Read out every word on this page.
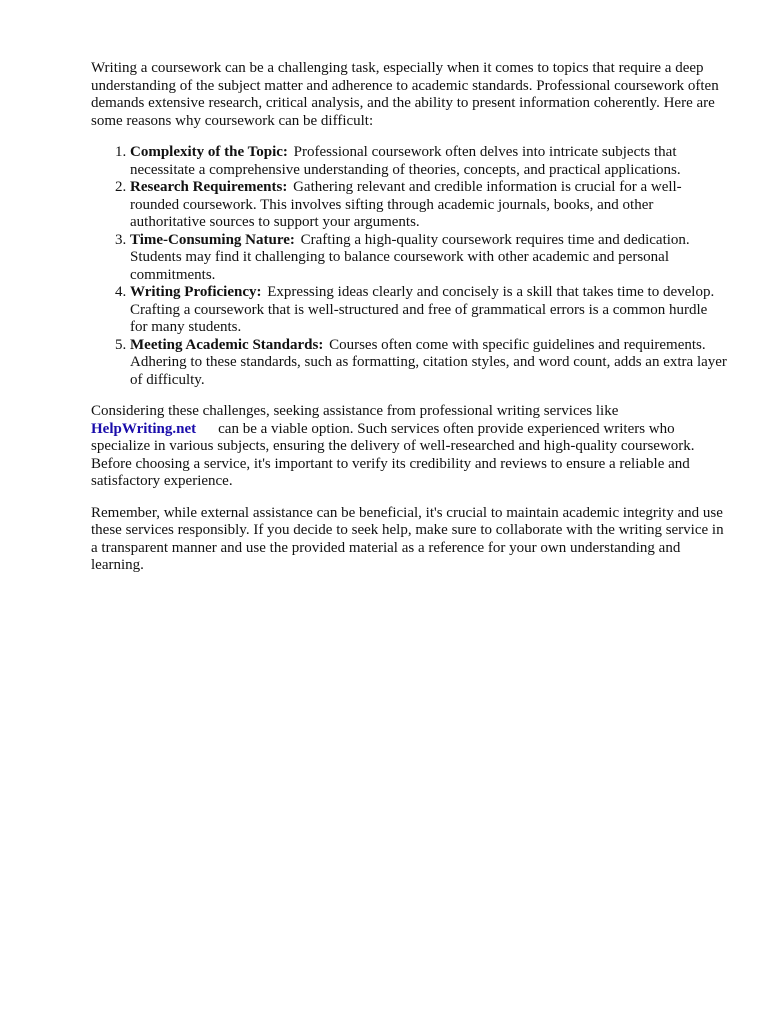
Writing a coursework can be a challenging task, especially when it comes to topics that require a deep understanding of the subject matter and adherence to academic standards. Professional coursework often demands extensive research, critical analysis, and the ability to present information coherently. Here are some reasons why coursework can be difficult:

1. Complexity of the Topic: Professional coursework often delves into intricate subjects that necessitate a comprehensive understanding of theories, concepts, and practical applications.
2. Research Requirements: Gathering relevant and credible information is crucial for a well-rounded coursework. This involves sifting through academic journals, books, and other authoritative sources to support your arguments.
3. Time-Consuming Nature: Crafting a high-quality coursework requires time and dedication. Students may find it challenging to balance coursework with other academic and personal commitments.
4. Writing Proficiency: Expressing ideas clearly and concisely is a skill that takes time to develop. Crafting a coursework that is well-structured and free of grammatical errors is a common hurdle for many students.
5. Meeting Academic Standards: Courses often come with specific guidelines and requirements. Adhering to these standards, such as formatting, citation styles, and word count, adds an extra layer of difficulty.

Considering these challenges, seeking assistance from professional writing services like
HelpWriting.net can be a viable option. Such services often provide experienced writers who specialize in various subjects, ensuring the delivery of well-researched and high-quality coursework. Before choosing a service, it's important to verify its credibility and reviews to ensure a reliable and satisfactory experience.

Remember, while external assistance can be beneficial, it's crucial to maintain academic integrity and use these services responsibly. If you decide to seek help, make sure to collaborate with the writing service in a transparent manner and use the provided material as a reference for your own understanding and learning.
